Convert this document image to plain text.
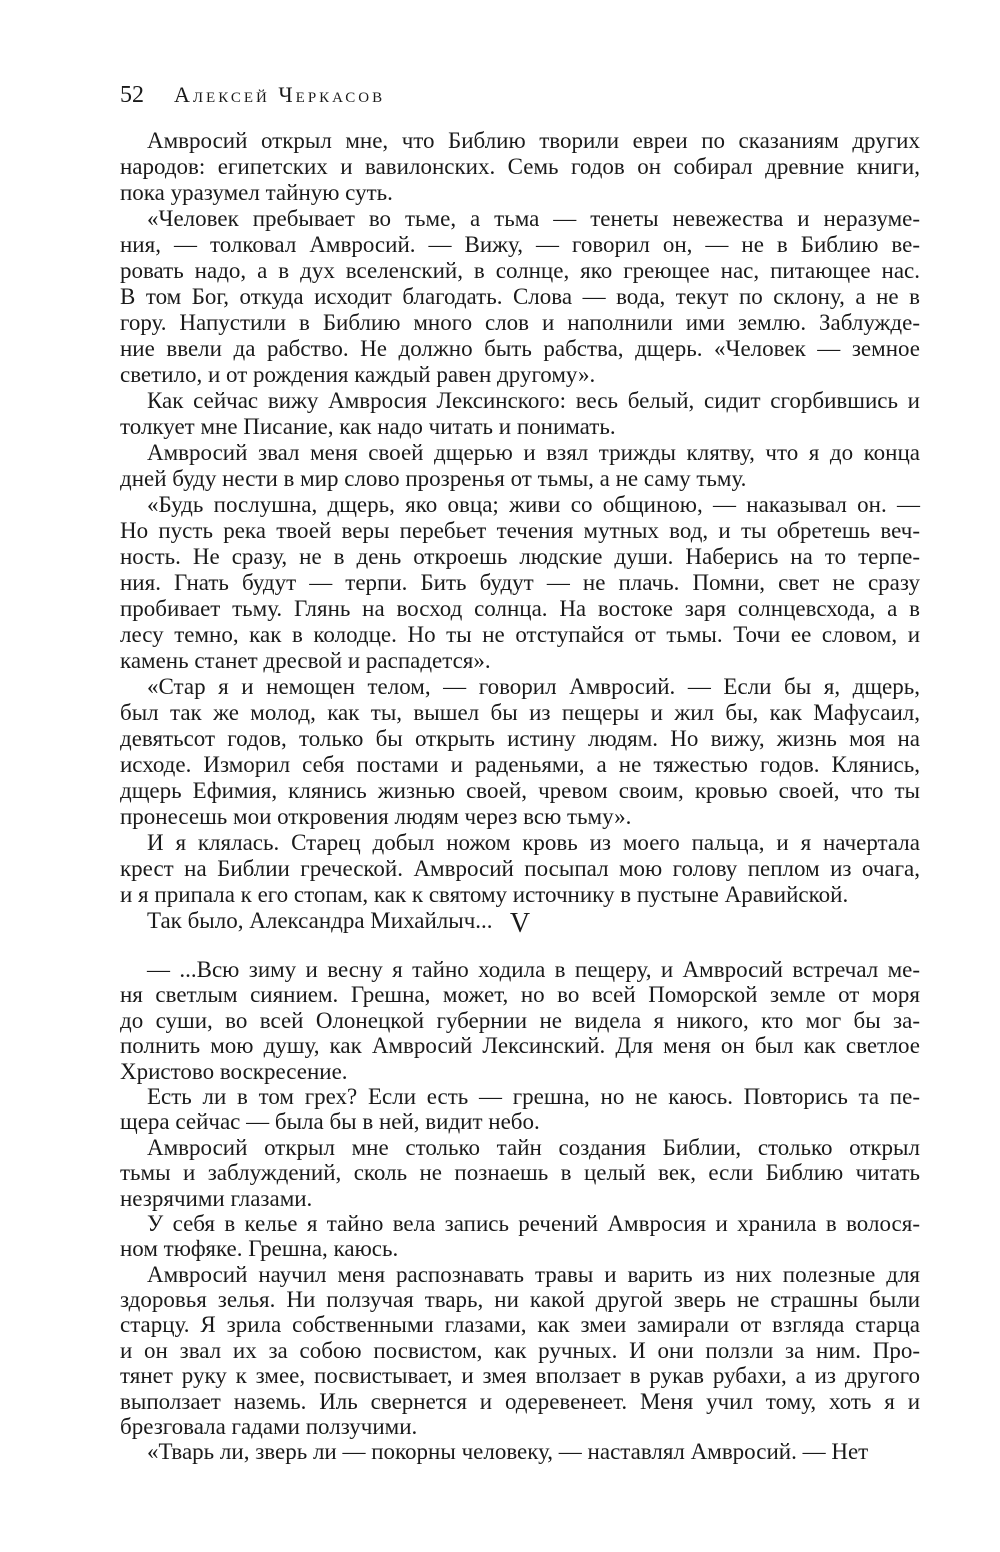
52 Алексей Черкасов
Амвросий открыл мне, что Библию творили евреи по сказаниям других
народов: египетских и вавилонских. Семь годов он собирал древние книги,
пока уразумел тайную суть.
«Человек пребывает во тьме, а тьма — тенеты невежества и неразуме-
ния, — толковал Амвросий. — Вижу, — говорил он, — не в Библию ве-
ровать надо, а в дух вселенский, в солнце, яко греющее нас, питающее нас.
В том Бог, откуда исходит благодать. Слова — вода, текут по склону, а не в
гору. Напустили в Библию много слов и наполнили ими землю. Заблужде-
ние ввели да рабство. Не должно быть рабства, дщерь. «Человек — земное
светило, и от рождения каждый равен другому».
Как сейчас вижу Амвросия Лексинского: весь белый, сидит сгорбившись и
толкует мне Писание, как надо читать и понимать.
Амвросий звал меня своей дщерью и взял трижды клятву, что я до конца
дней буду нести в мир слово прозренья от тьмы, а не саму тьму.
«Будь послушна, дщерь, яко овца; живи со общиною, — наказывал он. —
Но пусть река твоей веры перебьет течения мутных вод, и ты обретешь веч-
ность. Не сразу, не в день откроешь людские души. Наберись на то терпе-
ния. Гнать будут — терпи. Бить будут — не плачь. Помни, свет не сразу
пробивает тьму. Глянь на восход солнца. На востоке заря солнцевсхода, а в
лесу темно, как в колодце. Но ты не отступайся от тьмы. Точи ее словом, и
камень станет дресвой и распадется».
«Стар я и немощен телом, — говорил Амвросий. — Если бы я, дщерь,
был так же молод, как ты, вышел бы из пещеры и жил бы, как Мафусаил,
девятьсот годов, только бы открыть истину людям. Но вижу, жизнь моя на
исходе. Изморил себя постами и раденьями, а не тяжестью годов. Клянись,
дщерь Ефимия, клянись жизнью своей, чревом своим, кровью своей, что ты
пронесешь мои откровения людям через всю тьму».
И я клялась. Старец добыл ножом кровь из моего пальца, и я начертала
крест на Библии греческой. Амвросий посыпал мою голову пеплом из очага,
и я припала к его стопам, как к святому источнику в пустыне Аравийской.
Так было, Александра Михайлыч... V
— ...Всю зиму и весну я тайно ходила в пещеру, и Амвросий встречал ме-
ня светлым сиянием. Грешна, может, но во всей Поморской земле от моря
до суши, во всей Олонецкой губернии не видела я никого, кто мог бы за-
полнить мою душу, как Амвросий Лексинский. Для меня он был как светлое
Христово воскресение.
Есть ли в том грех? Если есть — грешна, но не каюсь. Повторись та пе-
щера сейчас — была бы в ней, видит небо.
Амвросий открыл мне столько тайн создания Библии, столько открыл
тьмы и заблуждений, сколь не познаешь в целый век, если Библию читать
незрячими глазами.
У себя в келье я тайно вела запись речений Амвросия и хранила в волося-
ном тюфяке. Грешна, каюсь.
Амвросий научил меня распознавать травы и варить из них полезные для
здоровья зелья. Ни ползучая тварь, ни какой другой зверь не страшны были
старцу. Я зрила собственными глазами, как змеи замирали от взгляда старца
и он звал их за собою посвистом, как ручных. И они ползли за ним. Про-
тянет руку к змее, посвистывает, и змея вползает в рукав рубахи, а из другого
выползает наземь. Иль свернется и одеревенеет. Меня учил тому, хоть я и
брезговала гадами ползучими.
«Тварь ли, зверь ли — покорны человеку, — наставлял Амвросий. — Нет
